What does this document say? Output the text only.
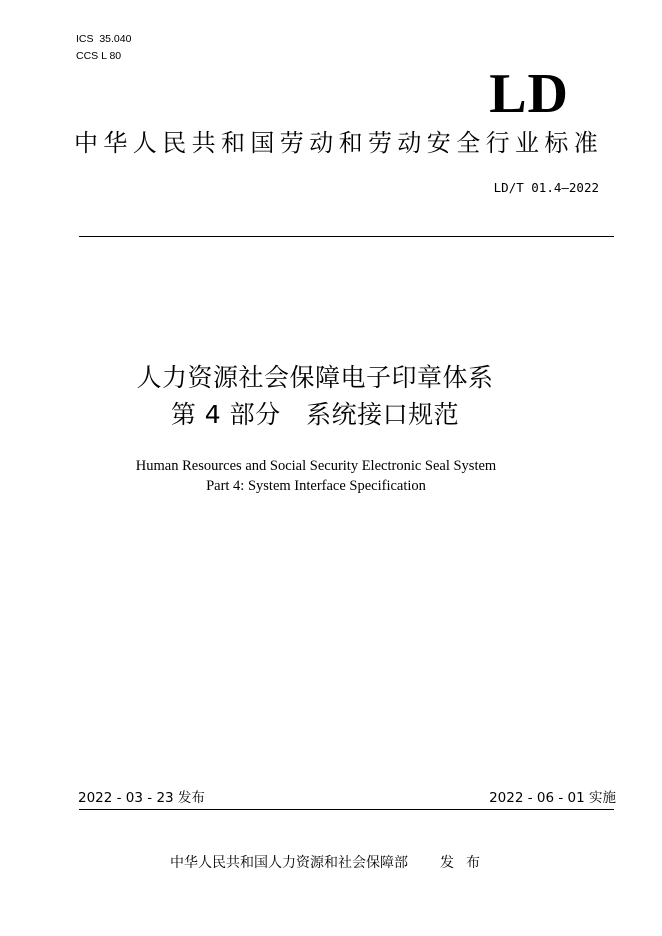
ICS  35.040
CCS L 80
LD
中华人民共和国劳动和劳动安全行业标准
LD/T 01.4—2022
人力资源社会保障电子印章体系
第 4 部分　系统接口规范
Human Resources and Social Security Electronic Seal System
Part 4: System Interface Specification
2022 - 03 - 23 发布	2022 - 06 - 01 实施
中华人民共和国人力资源和社会保障部 发布
